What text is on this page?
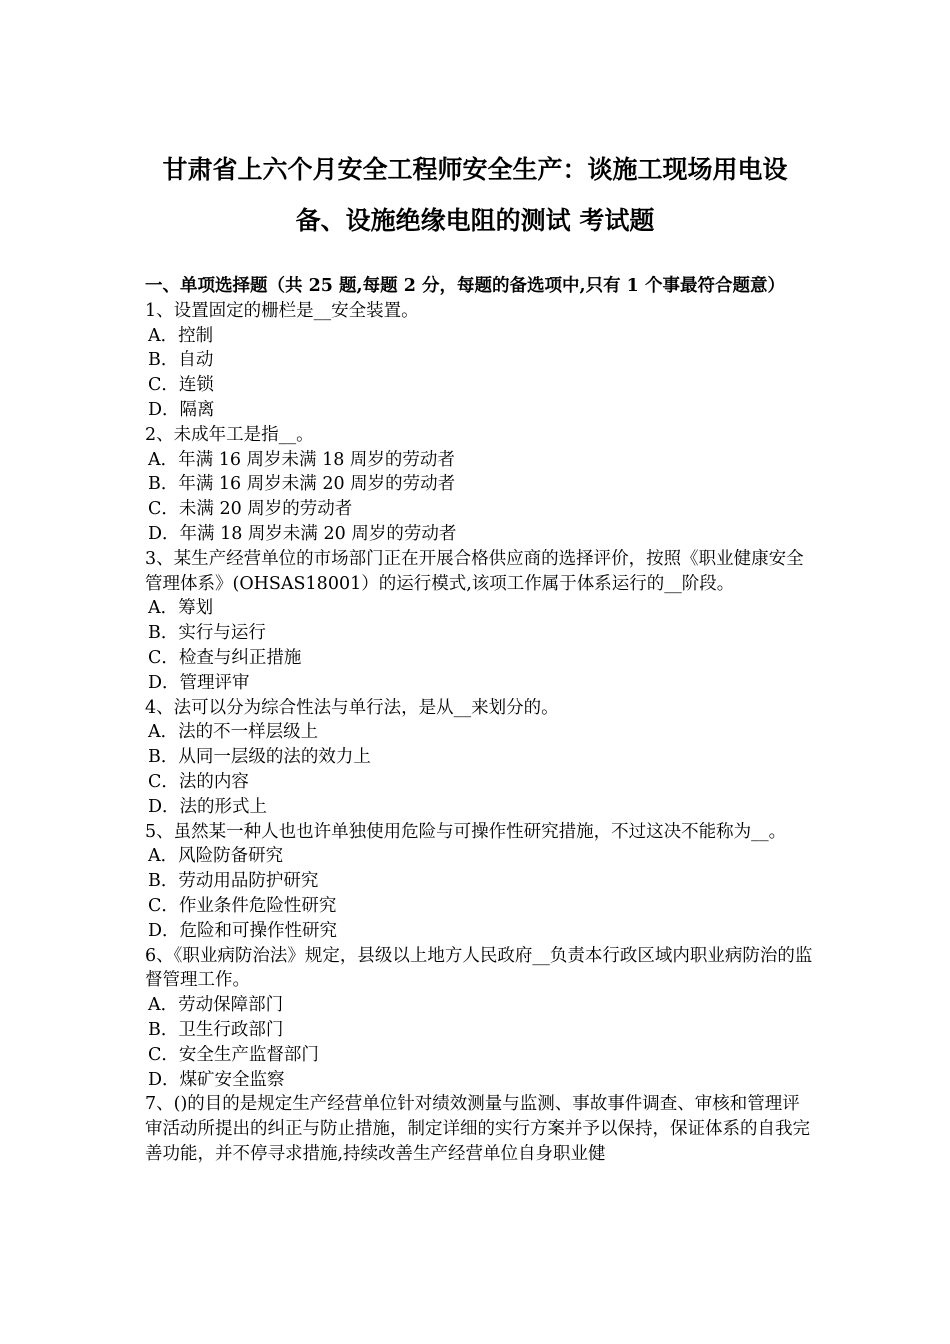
甘肃省上六个月安全工程师安全生产：谈施工现场用电设
备、设施绝缘电阻的测试 考试题

一、单项选择题（共 25 题,每题 2 分，每题的备选项中,只有 1 个事最符合题意）

1、设置固定的栅栏是__安全装置。

A．控制

B．自动

C．连锁

D．隔离

2、未成年工是指__。

A．年满 16 周岁未满 18 周岁的劳动者

B．年满 16 周岁未满 20 周岁的劳动者

C．未满 20 周岁的劳动者

D．年满 18 周岁未满 20 周岁的劳动者

3、某生产经营单位的市场部门正在开展合格供应商的选择评价，按照《职业健康安全管理体系》(OHSAS18001）的运行模式,该项工作属于体系运行的__阶段。

A．筹划

B．实行与运行

C．检查与纠正措施

D．管理评审

4、法可以分为综合性法与单行法，是从__来划分的。

A．法的不一样层级上

B．从同一层级的法的效力上

C．法的内容

D．法的形式上

5、虽然某一种人也也许单独使用危险与可操作性研究措施，不过这决不能称为__。

A．风险防备研究

B．劳动用品防护研究

C．作业条件危险性研究

D．危险和可操作性研究

6、《职业病防治法》规定，县级以上地方人民政府__负责本行政区域内职业病防治的监督管理工作。

A．劳动保障部门

B．卫生行政部门

C．安全生产监督部门

D．煤矿安全监察

7、()的目的是规定生产经营单位针对绩效测量与监测、事故事件调查、审核和管理评审活动所提出的纠正与防止措施，制定详细的实行方案并予以保持，保证体系的自我完善功能，并不停寻求措施,持续改善生产经营单位自身职业健
